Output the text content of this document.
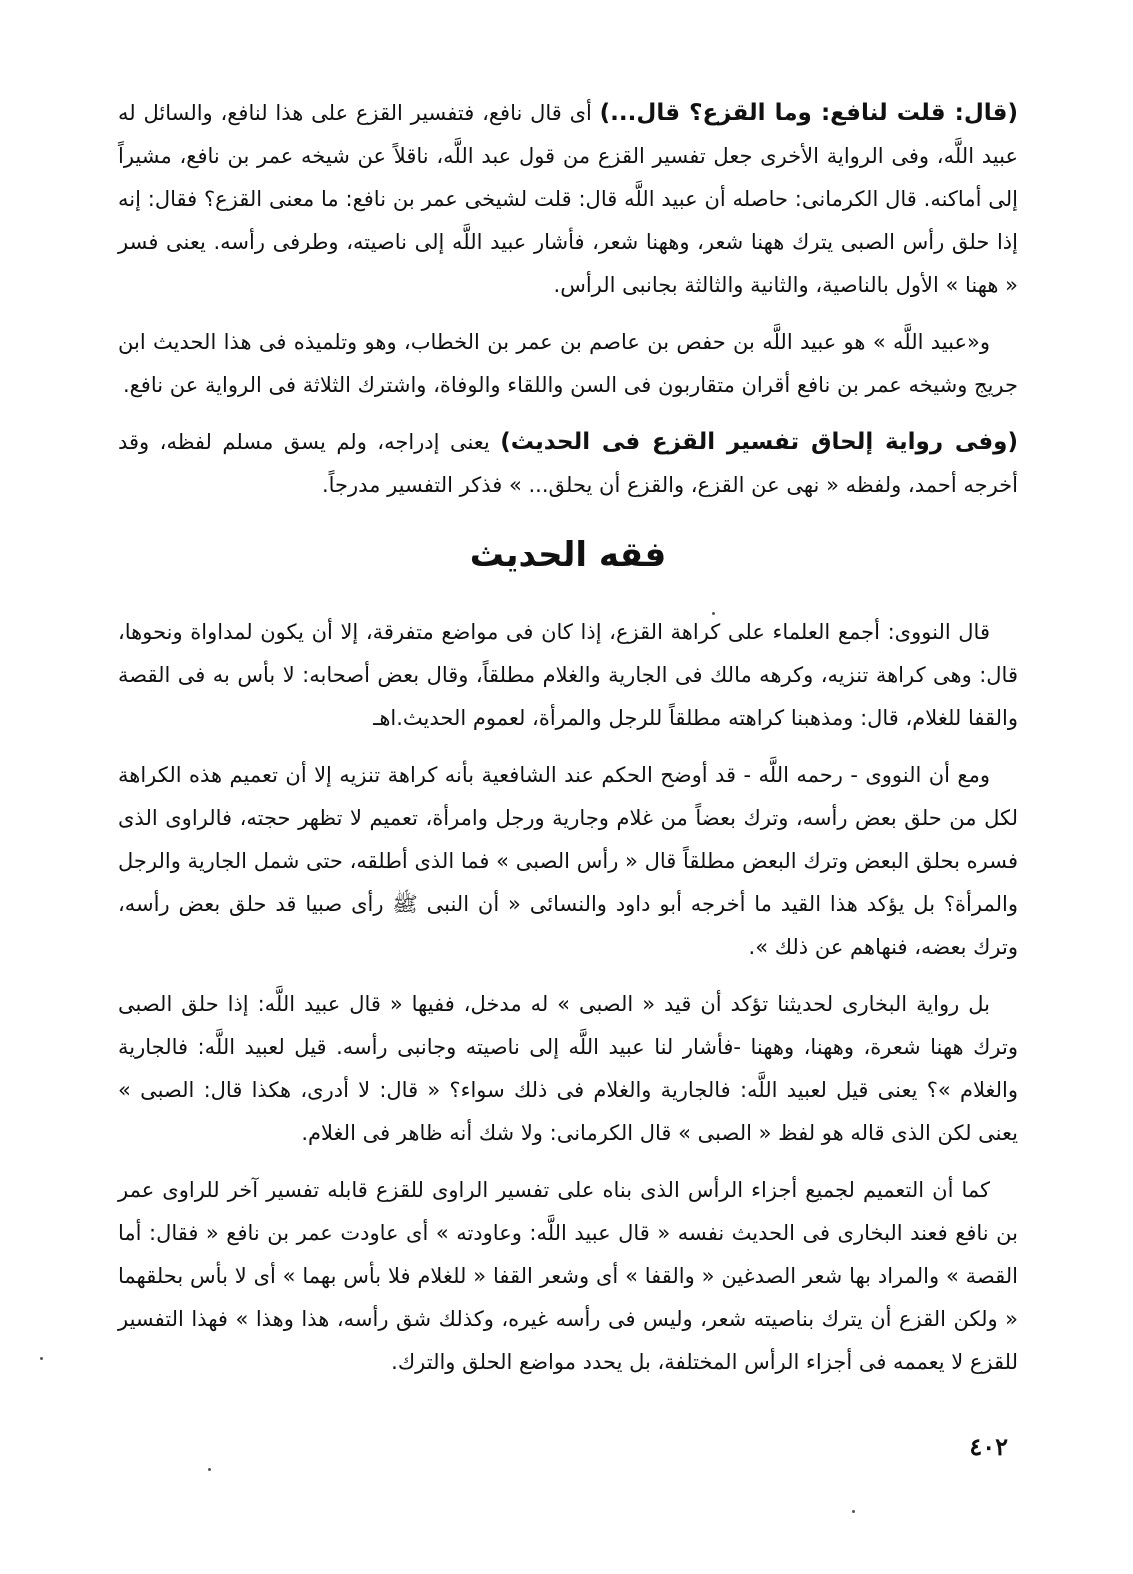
(قال: قلت لنافع: وما القزع؟ قال...) أى قال نافع، فتفسير القزع على هذا لنافع، والسائل له عبيد اللَّه، وفى الرواية الأخرى جعل تفسير القزع من قول عبد اللَّه، ناقلاً عن شيخه عمر بن نافع، مشيراً إلى أماكنه. قال الكرمانى: حاصله أن عبيد اللَّه قال: قلت لشيخى عمر بن نافع: ما معنى القزع؟ فقال: إنه إذا حلق رأس الصبى يترك ههنا شعر، وههنا شعر، فأشار عبيد اللَّه إلى ناصيته، وطرفى رأسه. يعنى فسر « ههنا » الأول بالناصية، والثانية والثالثة بجانبى الرأس.

و«عبيد اللَّه » هو عبيد اللَّه بن حفص بن عاصم بن عمر بن الخطاب، وهو وتلميذه فى هذا الحديث ابن جريج وشيخه عمر بن نافع أقران متقاربون فى السن واللقاء والوفاة، واشترك الثلاثة فى الرواية عن نافع.

(وفى رواية إلحاق تفسير القزع فى الحديث) يعنى إدراجه، ولم يسق مسلم لفظه، وقد أخرجه أحمد، ولفظه « نهى عن القزع، والقزع أن يحلق... » فذكر التفسير مدرجاً.

فقه الحديث

قال النووى: أجمع العلماء على كراهة القزع، إذا كان فى مواضع متفرقة، إلا أن يكون لمداواة ونحوها، قال: وهى كراهة تنزيه، وكرهه مالك فى الجارية والغلام مطلقاً، وقال بعض أصحابه: لا بأس به فى القصة والقفا للغلام، قال: ومذهبنا كراهته مطلقاً للرجل والمرأة، لعموم الحديث.اهـ

ومع أن النووى - رحمه اللَّه - قد أوضح الحكم عند الشافعية بأنه كراهة تنزيه إلا أن تعميم هذه الكراهة لكل من حلق بعض رأسه، وترك بعضاً من غلام وجارية ورجل وامرأة، تعميم لا تظهر حجته، فالراوى الذى فسره بحلق البعض وترك البعض مطلقاً قال « رأس الصبى » فما الذى أطلقه، حتى شمل الجارية والرجل والمرأة؟ بل يؤكد هذا القيد ما أخرجه أبو داود والنسائى « أن النبى ﷺ رأى صبيا قد حلق بعض رأسه، وترك بعضه، فنهاهم عن ذلك ».

بل رواية البخارى لحديثنا تؤكد أن قيد « الصبى » له مدخل، ففيها « قال عبيد اللَّه: إذا حلق الصبى وترك ههنا شعرة، وههنا، وههنا -فأشار لنا عبيد اللَّه إلى ناصيته وجانبى رأسه. قيل لعبيد اللَّه: فالجارية والغلام »؟ يعنى قيل لعبيد اللَّه: فالجارية والغلام فى ذلك سواء؟ « قال: لا أدرى، هكذا قال: الصبى » يعنى لكن الذى قاله هو لفظ « الصبى » قال الكرمانى: ولا شك أنه ظاهر فى الغلام.

كما أن التعميم لجميع أجزاء الرأس الذى بناه على تفسير الراوى للقزع قابله تفسير آخر للراوى عمر بن نافع فعند البخارى فى الحديث نفسه « قال عبيد اللَّه: وعاودته » أى عاودت عمر بن نافع « فقال: أما القصة » والمراد بها شعر الصدغين « والقفا » أى وشعر القفا « للغلام فلا بأس بهما » أى لا بأس بحلقهما « ولكن القزع أن يترك بناصيته شعر، وليس فى رأسه غيره، وكذلك شق رأسه، هذا وهذا » فهذا التفسير للقزع لا يعممه فى أجزاء الرأس المختلفة، بل يحدد مواضع الحلق والترك.

٤٠٢
